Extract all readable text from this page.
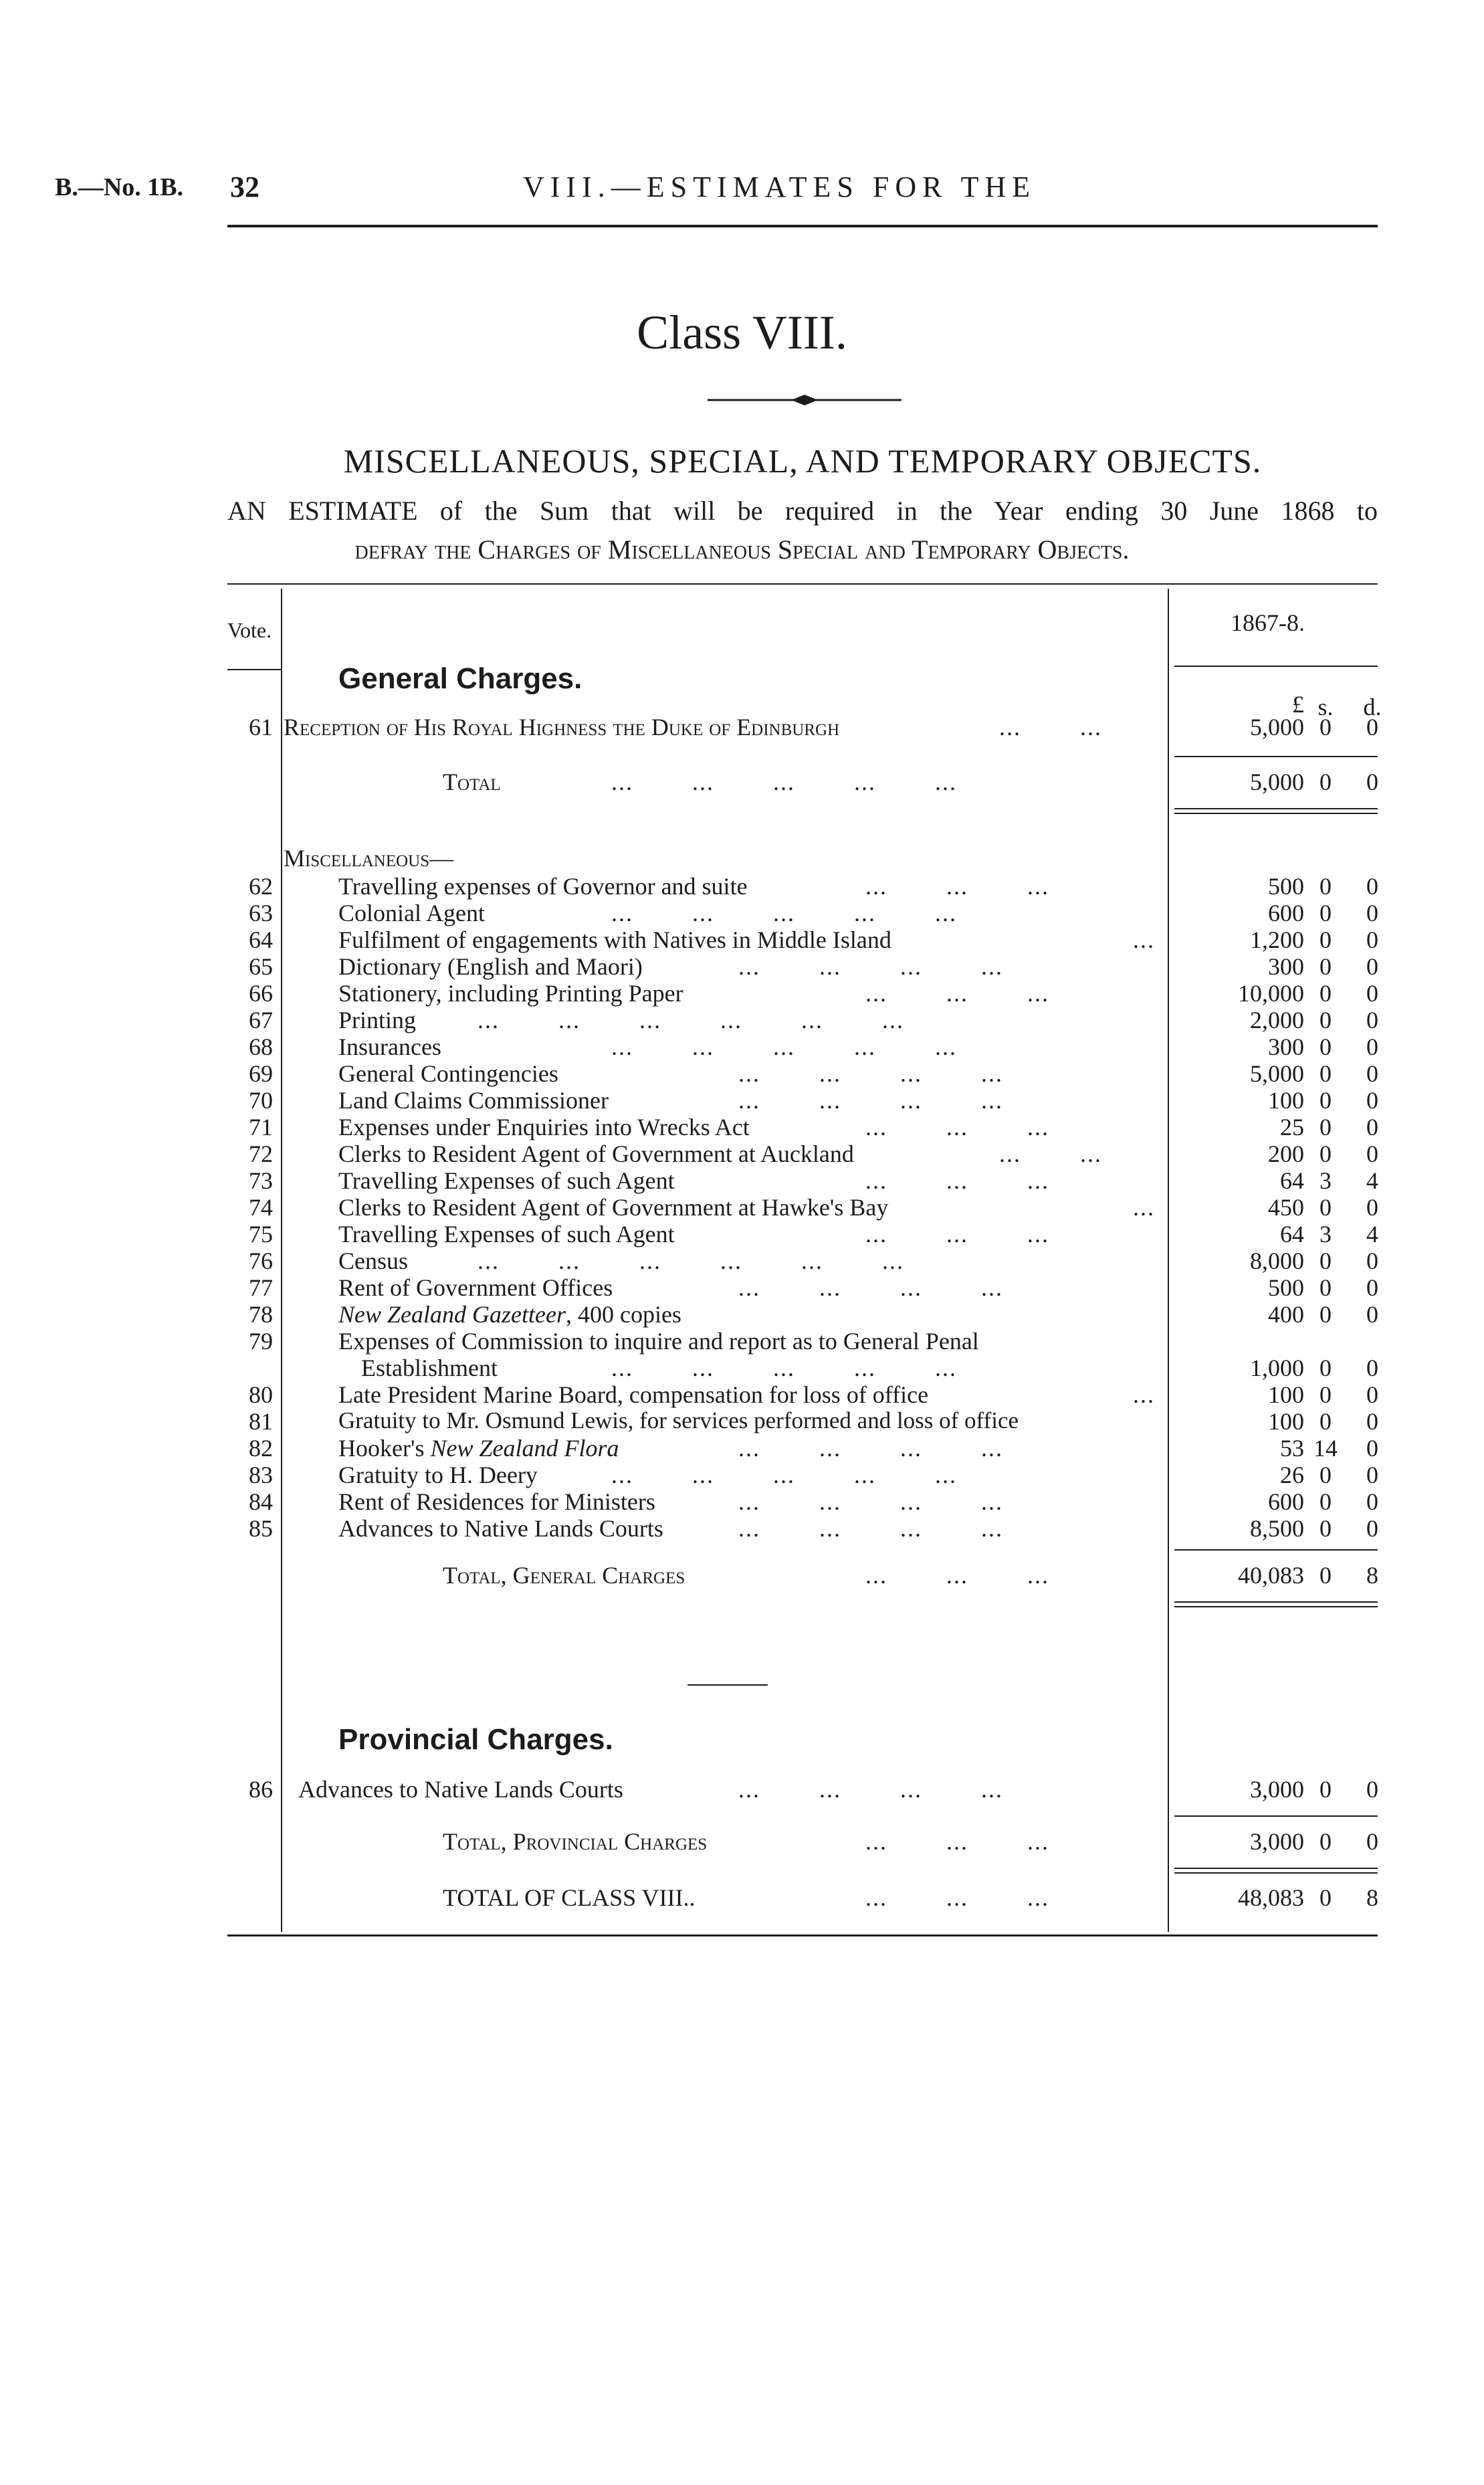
B.—No. 1B. 32	VIII.—ESTIMATES FOR THE
Class VIII.
MISCELLANEOUS, SPECIAL, AND TEMPORARY OBJECTS.
AN ESTIMATE of the Sum that will be required in the Year ending 30 June 1868 to
defray the Charges of Miscellaneous Special and Temporary Objects.
Vote.	1867-8.
General Charges.
£ s. d.
61 Reception of His Royal Highness the Duke of Edinburgh	... ...	5,000 0	0
Total	... ... ... ... ...	5,000 0	0
Miscellaneous—
62	Travelling expenses of Governor and suite	... ... ...	500 0	0
63	Colonial Agent	... ... ... ... ...	600 0	0
64	Fulfilment of engagements with Natives in Middle Island	...	1,200 0	0
65	Dictionary (English and Maori)	... ... ... ...	300 0	0
66	Stationery, including Printing Paper	... ... ...	10,000 0	0
67	Printing	... ... ... ... ... ...	2,000 0	0
68	Insurances	... ... ... ... ...	300 0	0
69	General Contingencies	... ... ... ...	5,000 0	0
70	Land Claims Commissioner	... ... ... ...	100 0	0
71	Expenses under Enquiries into Wrecks Act	... ... ...	25 0	0
72	Clerks to Resident Agent of Government at Auckland	... ...	200 0	0
73	Travelling Expenses of such Agent	... ... ...	64 3	4
74	Clerks to Resident Agent of Government at Hawke's Bay	...	450 0	0
75	Travelling Expenses of such Agent	... ... ...	64 3	4
76	Census	... ... ... ... ... ...	8,000 0	0
77	Rent of Government Offices	... ... ... ...	500 0	0
78	New Zealand Gazetteer, 400 copies	400 0	0
79	Expenses of Commission to inquire and report as to General Penal
Establishment	... ... ... ... ...	1,000 0	0
80	Late President Marine Board, compensation for loss of office	...	100 0	0
81	Gratuity to Mr. Osmund Lewis, for services performed and loss of office	100 0	0
82	Hooker's New Zealand Flora	... ... ... ...	53 14	0
83	Gratuity to H. Deery	... ... ... ... ...	26 0	0
84	Rent of Residences for Ministers	... ... ... ...	600 0	0
85	Advances to Native Lands Courts	... ... ... ...	8,500 0	0
Total, General Charges	... ... ...	40,083 0	8
Provincial Charges.
86 Advances to Native Lands Courts	... ... ... ...	3,000 0	0
Total, Provincial Charges	... ... ...	3,000 0	0
TOTAL OF CLASS VIII..	... ... ...	48,083 0	8
